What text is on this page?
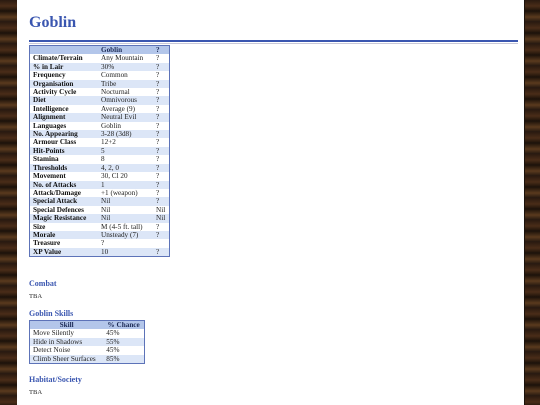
Goblin
	Goblin	?
Climate/Terrain	Any Mountain	?
% in Lair	30%	?
Frequency	Common	?
Organisation	Tribe	?
Activity Cycle	Nocturnal	?
Diet	Omnivorous	?
Intelligence	Average (9)	?
Alignment	Neutral Evil	?
Languages	Goblin	?
No. Appearing	3-28 (3d8)	?
Armour Class	12+2	?
Hit-Points	5	?
Stamina	8	?
Thresholds	4, 2, 0	?
Movement	30, Cl 20	?
No. of Attacks	1	?
Attack/Damage	+1 (weapon)	?
Special Attack	Nil	?
Special Defences	Nil	Nil
Magic Resistance	Nil	Nil
Size	M (4-5 ft. tall)	?
Morale	Unsteady (7)	?
Treasure	?	
XP Value	10	?
Combat

TBA

Goblin Skills
Skill	% Chance
Move Silently	45%
Hide in Shadows	55%
Detect Noise	45%
Climb Sheer Surfaces	85%
Habitat/Society

TBA
